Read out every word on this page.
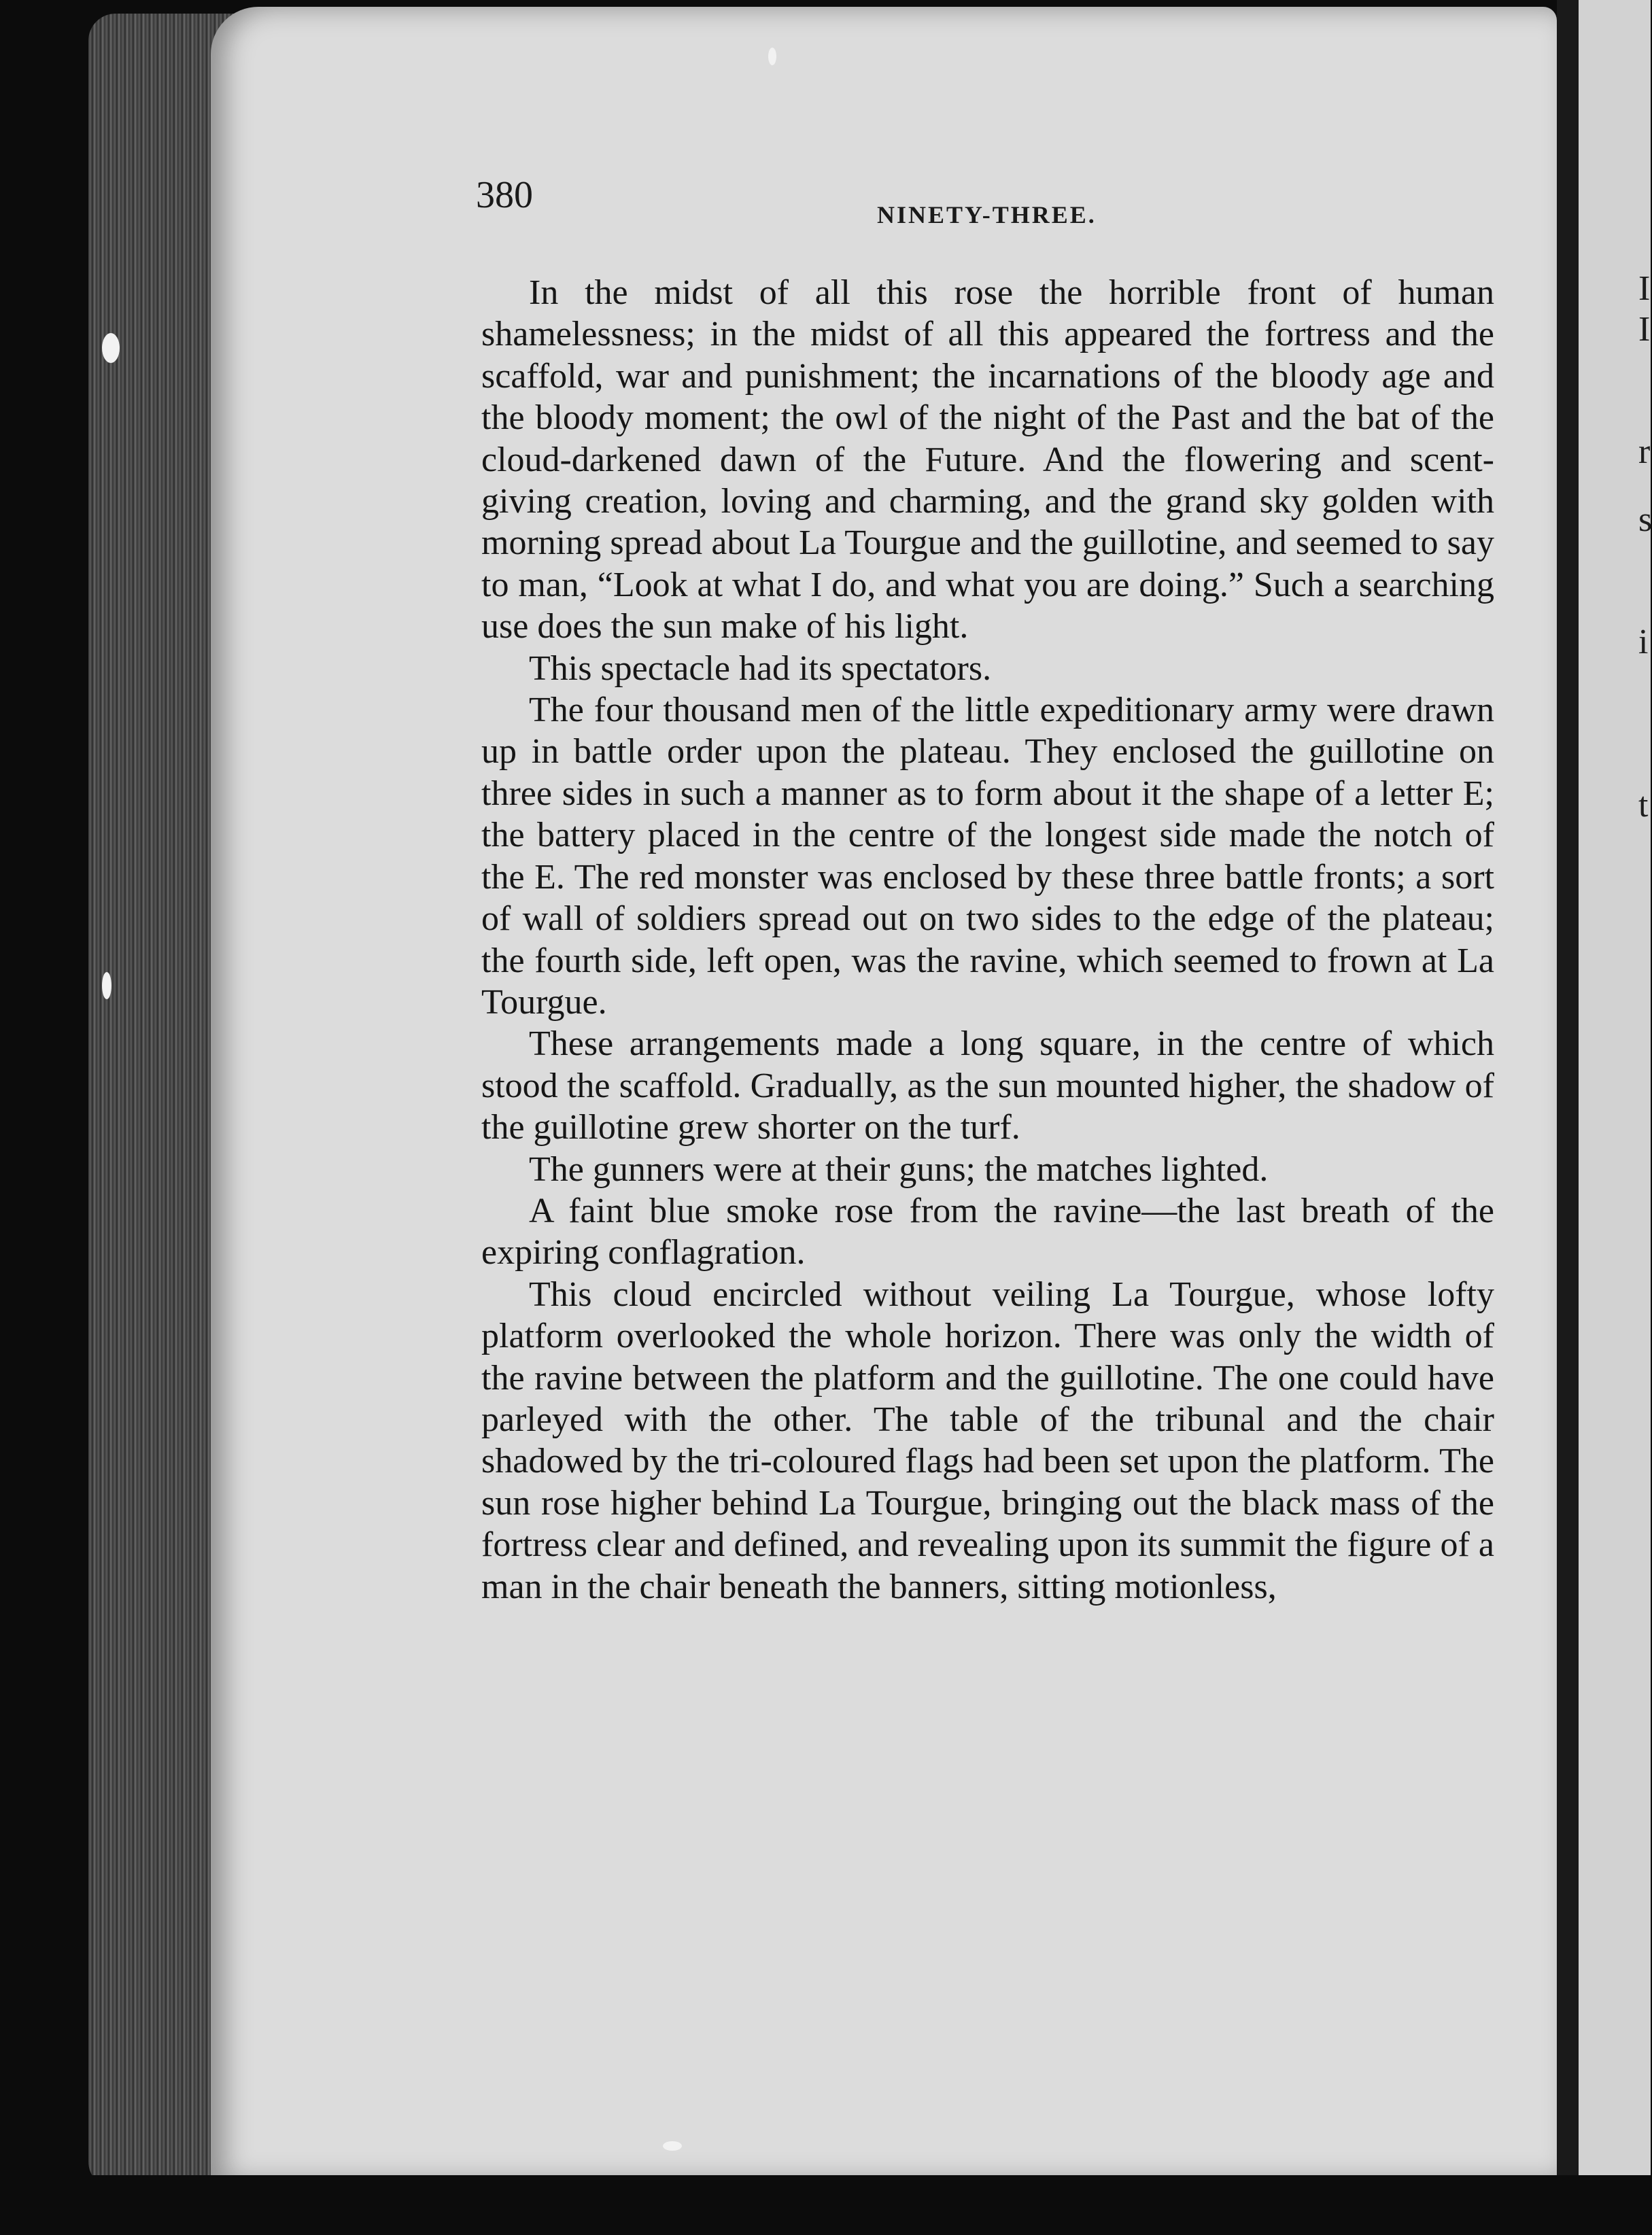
I
I
r
s
i
t
380	NINETY-THREE.

In the midst of all this rose the horrible front of human shamelessness; in the midst of all this appeared the fortress and the scaffold, war and punishment; the incarnations of the bloody age and the bloody moment; the owl of the night of the Past and the bat of the cloud-darkened dawn of the Future. And the flowering and scent-giving creation, loving and charming, and the grand sky golden with morning spread about La Tourgue and the guillotine, and seemed to say to man, “Look at what I do, and what you are doing.” Such a searching use does the sun make of his light.

This spectacle had its spectators.

The four thousand men of the little expeditionary army were drawn up in battle order upon the plateau. They enclosed the guillotine on three sides in such a manner as to form about it the shape of a letter E; the battery placed in the centre of the longest side made the notch of the E. The red monster was enclosed by these three battle fronts; a sort of wall of soldiers spread out on two sides to the edge of the plateau; the fourth side, left open, was the ravine, which seemed to frown at La Tourgue.

These arrangements made a long square, in the centre of which stood the scaffold. Gradually, as the sun mounted higher, the shadow of the guillotine grew shorter on the turf.

The gunners were at their guns; the matches lighted.

A faint blue smoke rose from the ravine—the last breath of the expiring conflagration.

This cloud encircled without veiling La Tourgue, whose lofty platform overlooked the whole horizon. There was only the width of the ravine between the platform and the guillotine. The one could have parleyed with the other. The table of the tribunal and the chair shadowed by the tri-coloured flags had been set upon the platform. The sun rose higher behind La Tourgue, bringing out the black mass of the fortress clear and defined, and revealing upon its summit the figure of a man in the chair beneath the banners, sitting motionless,
